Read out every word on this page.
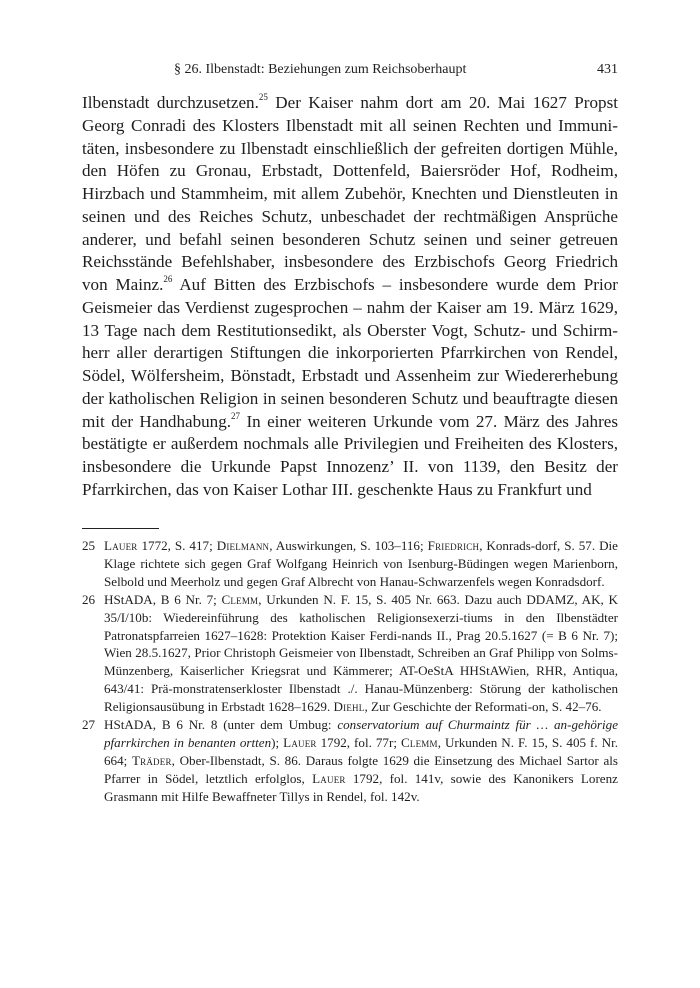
§ 26. Ilbenstadt: Beziehungen zum Reichsoberhaupt	431

Ilbenstadt durchzusetzen.$^{25}$ Der Kaiser nahm dort am 20. Mai 1627 Propst Georg Conradi des Klosters Ilbenstadt mit all seinen Rechten und Immuni-täten, insbesondere zu Ilbenstadt einschließlich der gefreiten dortigen Mühle, den Höfen zu Gronau, Erbstadt, Dottenfeld, Baiersröder Hof, Rodheim, Hirzbach und Stammheim, mit allem Zubehör, Knechten und Dienstleuten in seinen und des Reiches Schutz, unbeschadet der rechtmäßigen Ansprüche anderer, und befahl seinen besonderen Schutz seinen und seiner getreuen Reichsstände Befehlshaber, insbesondere des Erzbischofs Georg Friedrich von Mainz.$^{26}$ Auf Bitten des Erzbischofs – insbesondere wurde dem Prior Geismeier das Verdienst zugesprochen – nahm der Kaiser am 19. März 1629, 13 Tage nach dem Restitutionsedikt, als Oberster Vogt, Schutz- und Schirm-herr aller derartigen Stiftungen die inkorporierten Pfarrkirchen von Rendel, Södel, Wölfersheim, Bönstadt, Erbstadt und Assenheim zur Wiedererhebung der katholischen Religion in seinen besonderen Schutz und beauftragte diesen mit der Handhabung.$^{27}$ In einer weiteren Urkunde vom 27. März des Jahres bestätigte er außerdem nochmals alle Privilegien und Freiheiten des Klosters, insbesondere die Urkunde Papst Innozenz’ II. von 1139, den Besitz der Pfarrkirchen, das von Kaiser Lothar III. geschenkte Haus zu Frankfurt und

25 Lauer 1772, S. 417; Dielmann, Auswirkungen, S. 103–116; Friedrich, Konrads-dorf, S. 57. Die Klage richtete sich gegen Graf Wolfgang Heinrich von Isenburg-Büdingen wegen Marienborn, Selbold und Meerholz und gegen Graf Albrecht von Hanau-Schwarzenfels wegen Konradsdorf.

26 HStADA, B 6 Nr. 7; Clemm, Urkunden N. F. 15, S. 405 Nr. 663. Dazu auch DDAMZ, AK, K 35/I/10b: Wiedereinführung des katholischen Religionsexerzi-tiums in den Ilbenstädter Patronatspfarreien 1627–1628: Protektion Kaiser Ferdi-nands II., Prag 20.5.1627 (= B 6 Nr. 7); Wien 28.5.1627, Prior Christoph Geismeier von Ilbenstadt, Schreiben an Graf Philipp von Solms-Münzenberg, Kaiserlicher Kriegsrat und Kämmerer; AT-OeStA HHStAWien, RHR, Antiqua, 643/41: Prä-monstratenserkloster Ilbenstadt ./. Hanau-Münzenberg: Störung der katholischen Religionsausübung in Erbstadt 1628–1629. Diehl, Zur Geschichte der Reformati-on, S. 42–76.

27 HStADA, B 6 Nr. 8 (unter dem Umbug: conservatorium auf Churmaintz für … an-gehörige pfarrkirchen in benanten ortten); Lauer 1792, fol. 77r; Clemm, Urkunden N. F. 15, S. 405 f. Nr. 664; Träder, Ober-Ilbenstadt, S. 86. Daraus folgte 1629 die Einsetzung des Michael Sartor als Pfarrer in Södel, letztlich erfolglos, Lauer 1792, fol. 141v, sowie des Kanonikers Lorenz Grasmann mit Hilfe Bewaffneter Tillys in Rendel, fol. 142v.
